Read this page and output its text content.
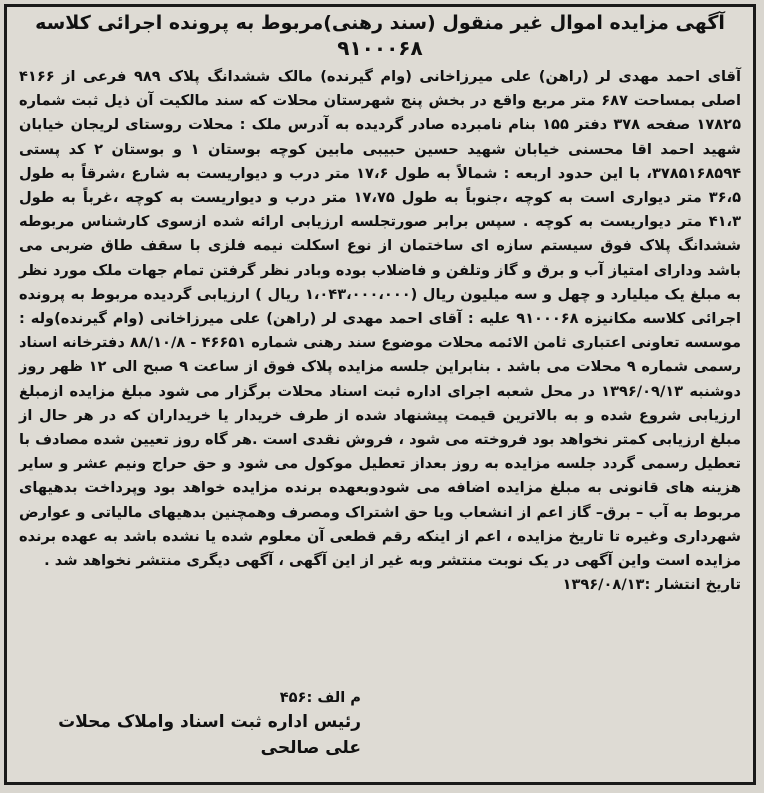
آگهی مزایده اموال غیر منقول (سند رهنی)مربوط به پرونده اجرائی کلاسه
۹۱۰۰۰۶۸

آقای احمد مهدی لر (راهن) علی میرزاخانی (وام گیرنده) مالک ششدانگ پلاک ۹۸۹ فرعی از ۴۱۶۶ اصلی بمساحت ۶۸۷ متر مربع واقع در بخش پنج شهرستان محلات که سند مالکیت آن ذیل ثبت شماره ۱۷۸۲۵ صفحه ۳۷۸ دفتر ۱۵۵ بنام نامبرده صادر گردیده به آدرس ملک : محلات روستای لریجان خیابان شهید احمد اقا محسنی خیابان شهید حسین حبیبی مابین کوچه بوستان ۱ و بوستان ۲ کد پستی ۳۷۸۵۱۶۸۵۹۴، با این حدود اربعه : شمالاً به طول ۱۷،۶ متر درب و دیواریست به شارع ،شرقاً به طول ۳۶،۵ متر دیواری است به کوچه ،جنوباً به طول ۱۷،۷۵ متر درب و دیواریست به کوچه ،غرباً به طول ۴۱،۳ متر دیواریست به کوچه . سپس برابر صورتجلسه ارزیابی ارائه شده ازسوی کارشناس مربوطه ششدانگ پلاک فوق سیستم سازه ای ساختمان از نوع اسکلت نیمه فلزی با سقف طاق ضربی می باشد ودارای امتیاز آب و برق و گاز وتلفن و فاضلاب بوده وبادر نظر گرفتن تمام جهات ملک مورد نظر به مبلغ یک میلیارد و چهل و سه میلیون ریال (۱،۰۴۳،۰۰۰،۰۰۰ ریال ) ارزیابی گردیده مربوط به پرونده اجرائی کلاسه مکانیزه ۹۱۰۰۰۶۸ علیه : آقای احمد مهدی لر (راهن) علی میرزاخانی (وام گیرنده)وله : موسسه تعاونی اعتباری ثامن الائمه محلات موضوع سند رهنی شماره ۴۶۶۵۱ - ۸۸/۱۰/۸ دفترخانه اسناد رسمی شماره ۹ محلات می باشد . بنابراین جلسه مزایده پلاک فوق از ساعت ۹ صبح الی ۱۲ ظهر روز دوشنبه ۱۳۹۶/۰۹/۱۳ در محل شعبه اجرای اداره ثبت اسناد محلات برگزار می شود مبلغ مزایده ازمبلغ ارزیابی شروع شده و به بالاترین قیمت پیشنهاد شده از طرف خریدار یا خریداران که در هر حال از مبلغ ارزیابی کمتر نخواهد بود فروخته می شود ، فروش نقدی است .هر گاه روز تعیین شده مصادف با تعطیل رسمی گردد جلسه مزایده به روز بعداز تعطیل موکول می شود و حق حراج ونیم عشر و سایر هزینه های قانونی به مبلغ مزایده اضافه می شودوبعهده برنده مزایده خواهد بود وپرداخت بدهیهای مربوط به آب – برق– گاز اعم از انشعاب ویا حق اشتراک ومصرف وهمچنین بدهیهای مالیاتی و عوارض شهرداری وغیره تا تاریخ مزایده ، اعم از اینکه رقم قطعی آن معلوم شده یا نشده باشد به عهده برنده مزایده است واین آگهی در یک نوبت منتشر وبه غیر از این آگهی ، آگهی دیگری منتشر نخواهد شد .

تاریخ انتشار :۱۳۹۶/۰۸/۱۳

م الف :۴۵۶
رئیس اداره ثبت اسناد واملاک محلات
علی صالحی
